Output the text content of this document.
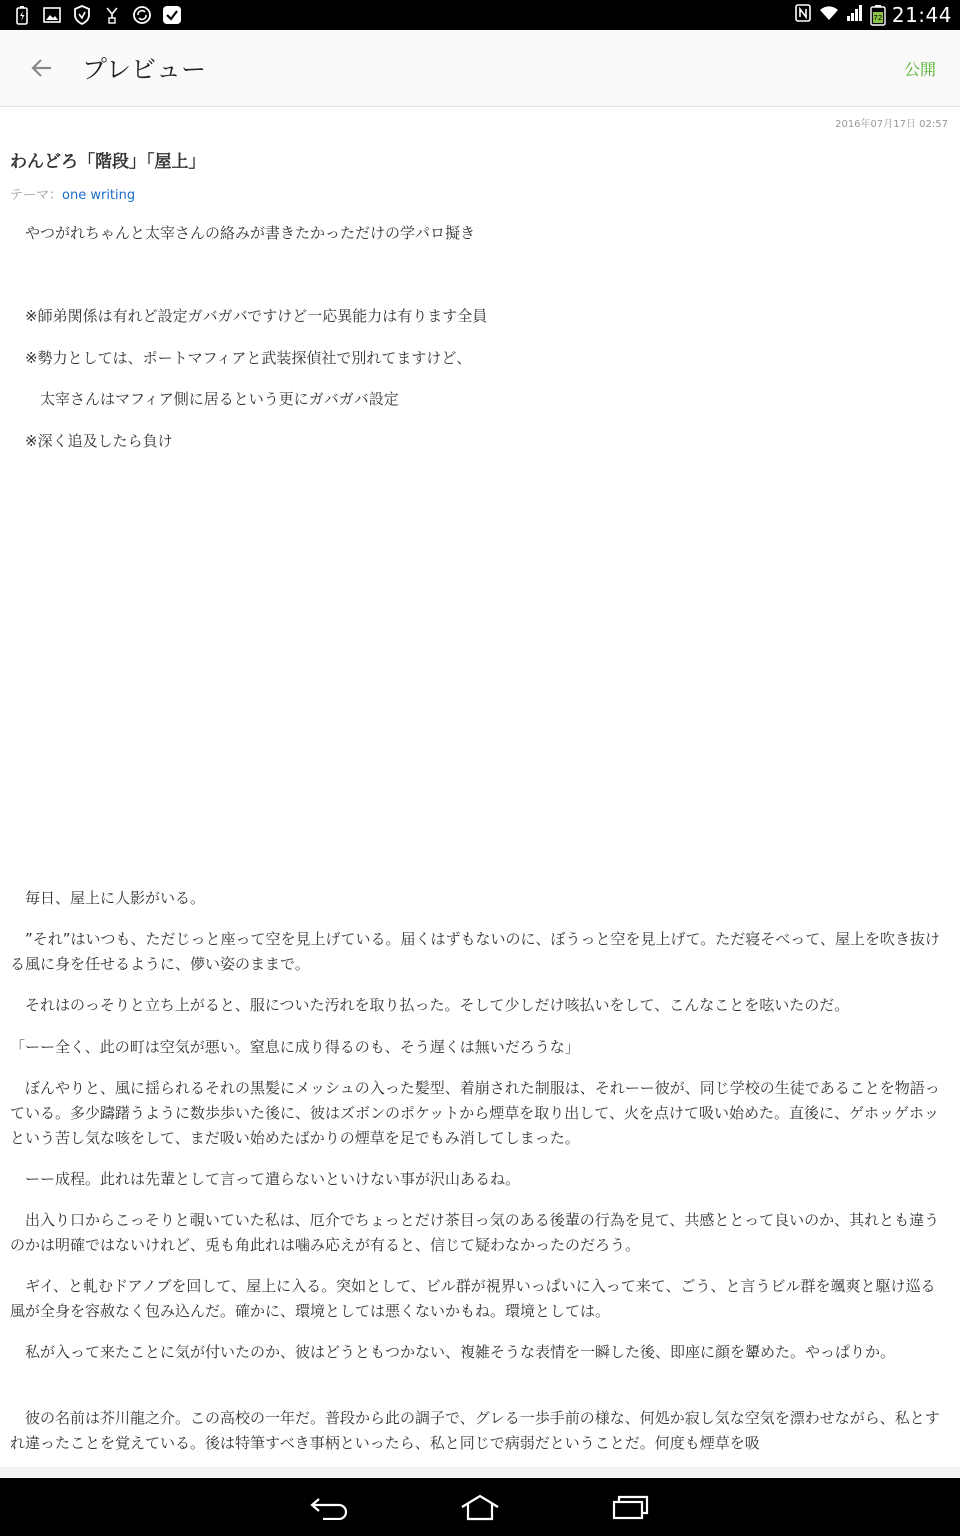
72 21:44
プレビュー	公開
2016年07月17日 02:57
わんどろ「階段」「屋上」
テーマ：one writing

　やつがれちゃんと太宰さんの絡みが書きたかっただけの学パロ擬き

　※師弟関係は有れど設定ガバガバですけど一応異能力は有ります全員

　※勢力としては、ポートマフィアと武装探偵社で別れてますけど、

　　太宰さんはマフィア側に居るという更にガバガバ設定

　※深く追及したら負け

　毎日、屋上に人影がいる。

　”それ”はいつも、ただじっと座って空を見上げている。届くはずもないのに、ぼうっと空を見上げて。ただ寝そべって、屋上を吹き抜ける風に身を任せるように、儚い姿のままで。

　それはのっそりと立ち上がると、服についた汚れを取り払った。そして少しだけ咳払いをして、こんなことを呟いたのだ。

「ーー全く、此の町は空気が悪い。窒息に成り得るのも、そう遅くは無いだろうな」

　ぼんやりと、風に揺られるそれの黒髪にメッシュの入った髪型、着崩された制服は、それーー彼が、同じ学校の生徒であることを物語っている。多少躊躇うように数歩歩いた後に、彼はズボンのポケットから煙草を取り出して、火を点けて吸い始めた。直後に、ゲホッゲホッという苦し気な咳をして、まだ吸い始めたばかりの煙草を足でもみ消してしまった。

　ーー成程。此れは先輩として言って遣らないといけない事が沢山あるね。

　出入り口からこっそりと覗いていた私は、厄介でちょっとだけ茶目っ気のある後輩の行為を見て、共感ととって良いのか、其れとも違うのかは明確ではないけれど、兎も角此れは噛み応えが有ると、信じて疑わなかったのだろう。

　ギイ、と軋むドアノブを回して、屋上に入る。突如として、ビル群が視界いっぱいに入って来て、ごう、と言うビル群を颯爽と駆け巡る風が全身を容赦なく包み込んだ。確かに、環境としては悪くないかもね。環境としては。

　私が入って来たことに気が付いたのか、彼はどうともつかない、複雑そうな表情を一瞬した後、即座に顔を顰めた。やっぱりか。

　彼の名前は芥川龍之介。この高校の一年だ。普段から此の調子で、グレる一歩手前の様な、何処か寂し気な空気を漂わせながら、私とすれ違ったことを覚えている。後は特筆すべき事柄といったら、私と同じで病弱だということだ。何度も煙草を吸
